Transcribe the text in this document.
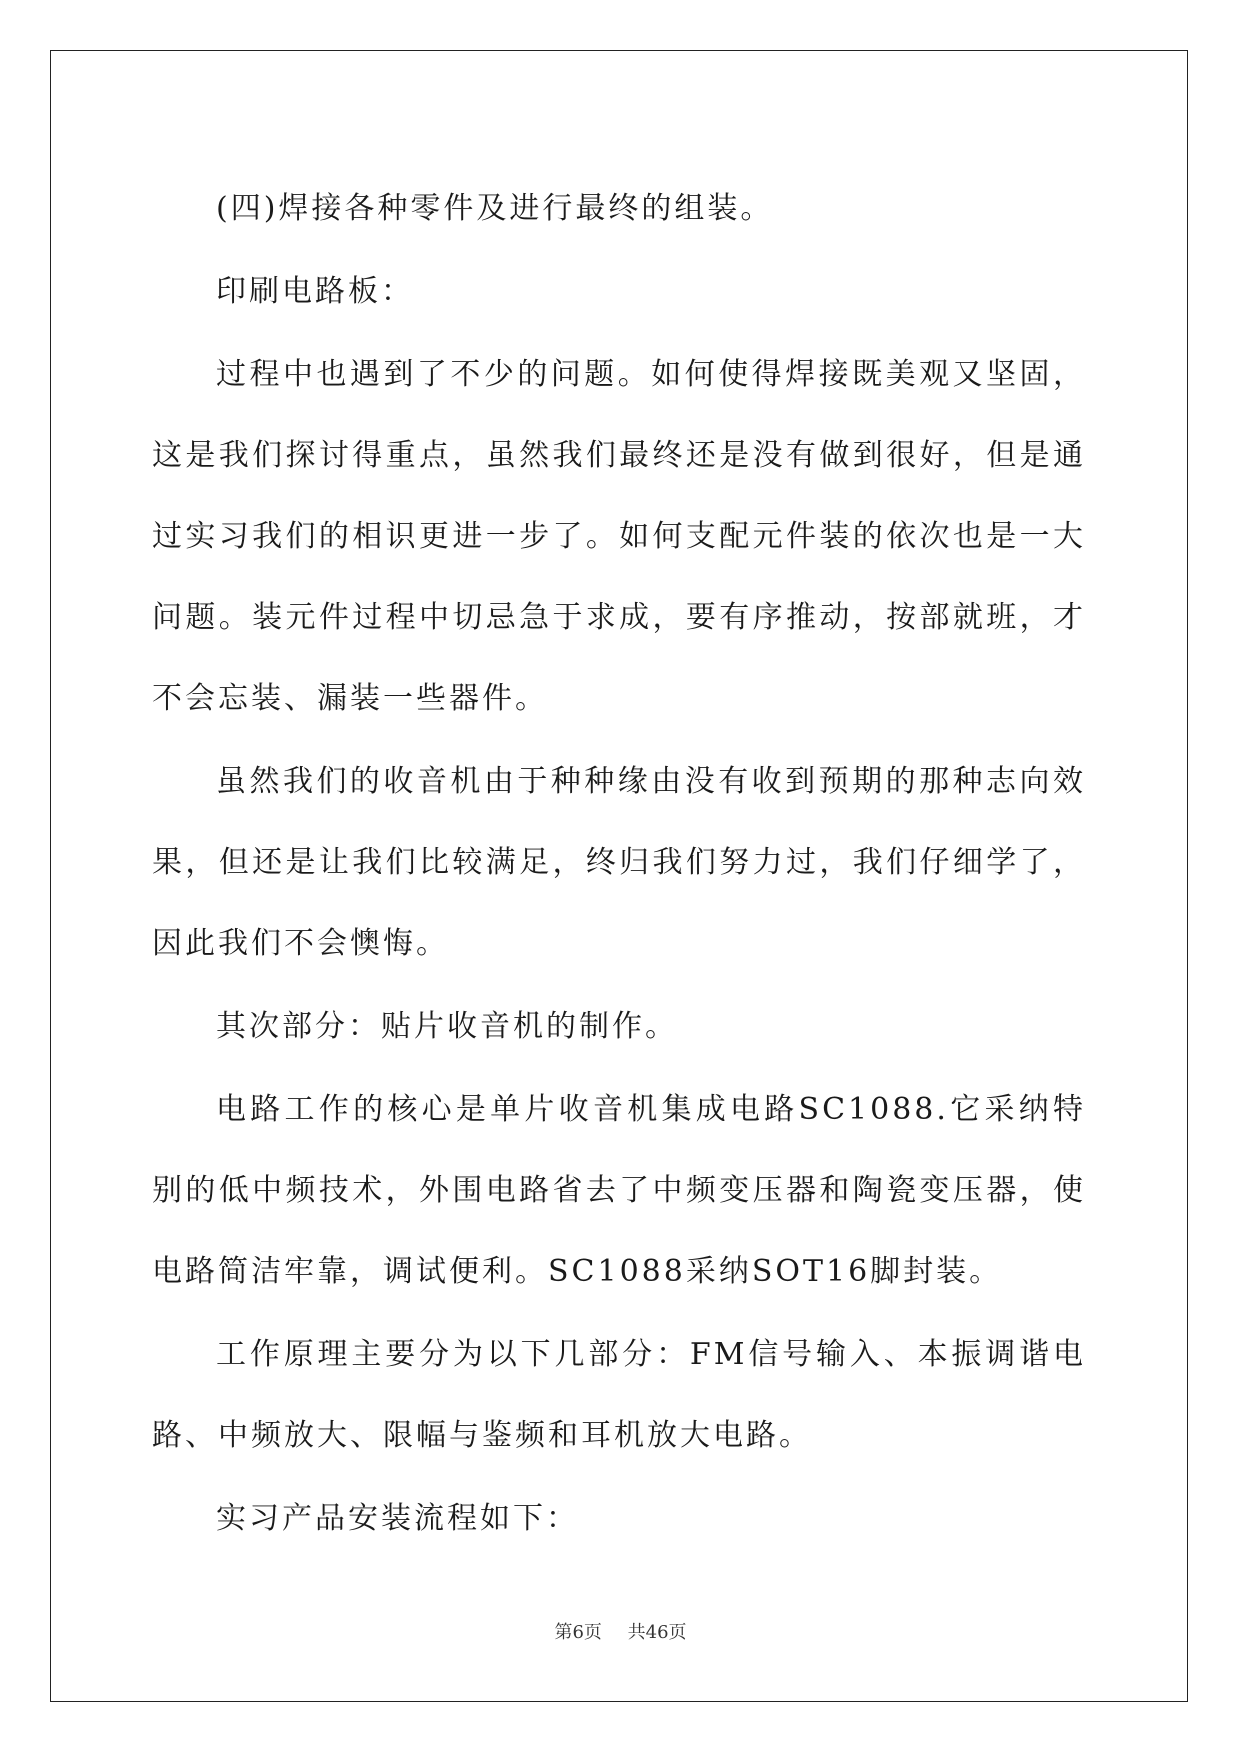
(四)焊接各种零件及进行最终的组装。

印刷电路板：

过程中也遇到了不少的问题。如何使得焊接既美观又坚固，这是我们探讨得重点，虽然我们最终还是没有做到很好，但是通过实习我们的相识更进一步了。如何支配元件装的依次也是一大问题。装元件过程中切忌急于求成，要有序推动，按部就班，才不会忘装、漏装一些器件。

虽然我们的收音机由于种种缘由没有收到预期的那种志向效果，但还是让我们比较满足，终归我们努力过，我们仔细学了，因此我们不会懊悔。

其次部分：贴片收音机的制作。

电路工作的核心是单片收音机集成电路SC1088.它采纳特别的低中频技术，外围电路省去了中频变压器和陶瓷变压器，使电路简洁牢靠，调试便利。SC1088采纳SOT16脚封装。

工作原理主要分为以下几部分：FM信号输入、本振调谐电路、中频放大、限幅与鉴频和耳机放大电路。

实习产品安装流程如下：

第6页 共46页
